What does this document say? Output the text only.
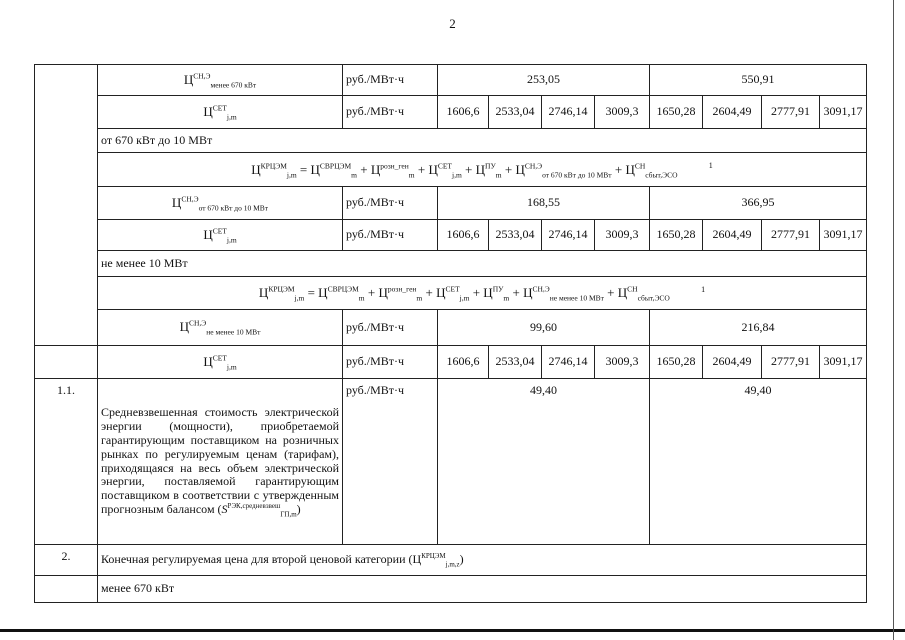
2
	$Ц^{СН,Э}_{менее 670 кВт}$	руб./МВт·ч	253,05				550,91			
	$Ц^{СЕТ}_{j,m}$	руб./МВт·ч	1606,6	2533,04	2746,14	3009,3	1650,28	2604,49	2777,91	3091,17
	от 670 кВт до 10 МВт									
	$Ц^{КРЦЭМ}_{j,m} = Ц^{СВРЦЭМ}_m + Ц^{розн\_ген}_m + Ц^{СЕТ}_{j,m} + Ц^{ПУ}_m + Ц^{СН,Э}_{от 670 кВт до 10 МВт} + Ц^{СН}_{сбыт,ЭСО}$ $^1$
	$Ц^{СН,Э}_{от 670 кВт до 10 МВт}$	руб./МВт·ч	168,55				366,95			
	$Ц^{СЕТ}_{j,m}$	руб./МВт·ч	1606,6	2533,04	2746,14	3009,3	1650,28	2604,49	2777,91	3091,17
	не менее 10 МВт									
	$Ц^{КРЦЭМ}_{j,m} = Ц^{СВРЦЭМ}_m + Ц^{розн\_ген}_m + Ц^{СЕТ}_{j,m} + Ц^{ПУ}_m + Ц^{СН,Э}_{не менее 10 МВт} + Ц^{СН}_{сбыт,ЭСО}$ $^1$
	$Ц^{СН,Э}_{не менее 10 МВт}$	руб./МВт·ч	99,60				216,84			
	$Ц^{СЕТ}_{j,m}$	руб./МВт·ч	1606,6	2533,04	2746,14	3009,3	1650,28	2604,49	2777,91	3091,17
1.1.	Средневзвешенная стоимость электрической энергии (мощности), приобретаемой гарантирующим поставщиком на розничных рынках по регулируемым ценам (тарифам), приходящаяся на весь объем электрической энергии, поставляемой гарантирующим поставщиком в соответствии с утвержденным прогнозным балансом $(S^{РЭК,средневзвеш}_{ГП,m})$	руб./МВт·ч	49,40				49,40			
2.	Конечная регулируемая цена для второй ценовой категории $(Ц^{КРЦЭМ}_{j,m,z})$									
	менее 670 кВт									
